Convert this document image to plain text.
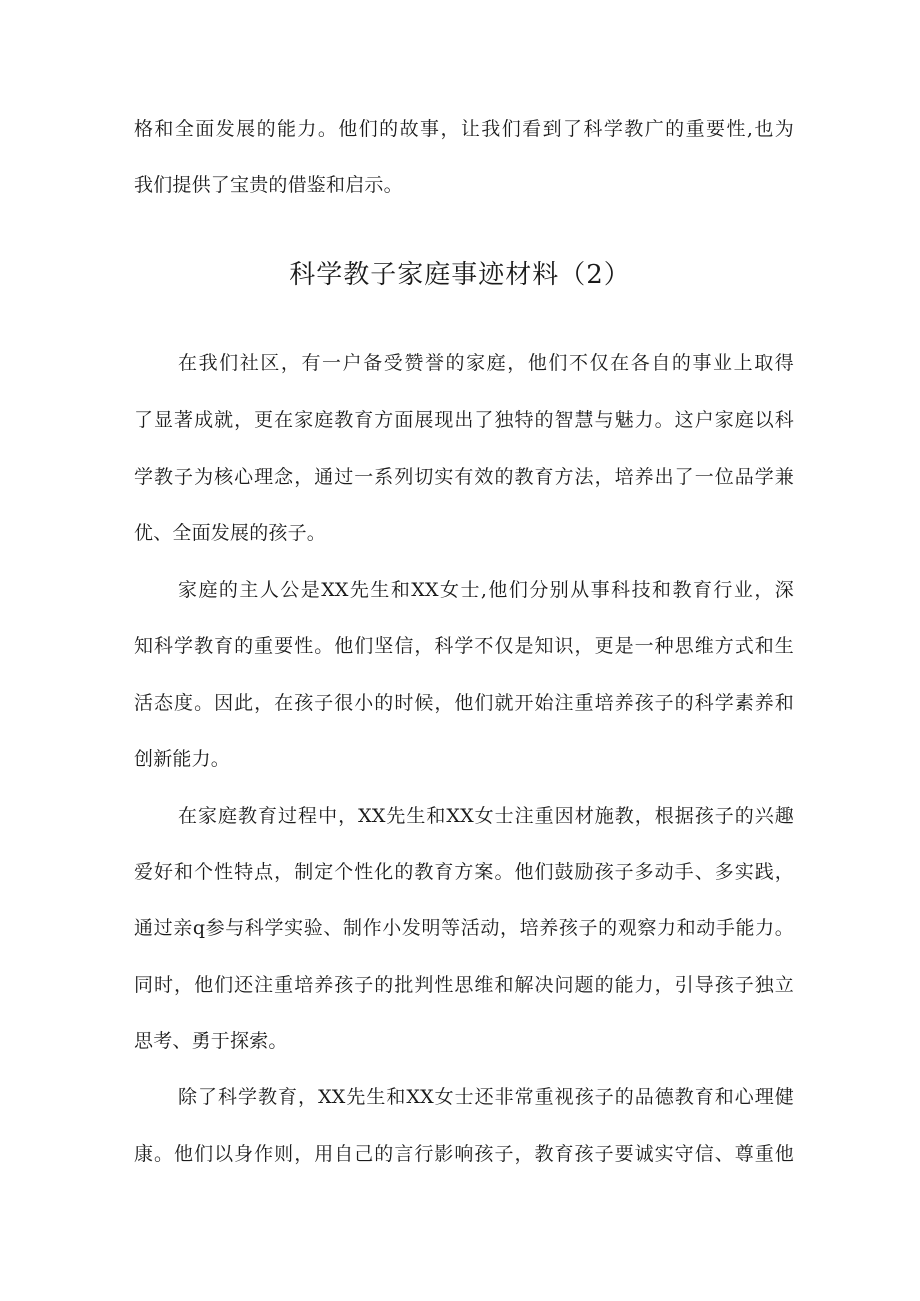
格和全面发展的能力。他们的故事，让我们看到了科学教广的重要性,也为
我们提供了宝贵的借鉴和启示。
科学教子家庭事迹材料（2）
在我们社区，有一户备受赞誉的家庭，他们不仅在各自的事业上取得
了显著成就，更在家庭教育方面展现出了独特的智慧与魅力。这户家庭以科
学教子为核心理念，通过一系列切实有效的教育方法，培养出了一位品学兼
优、全面发展的孩子。
家庭的主人公是XX先生和XX女士,他们分别从事科技和教育行业，深
知科学教育的重要性。他们坚信，科学不仅是知识，更是一种思维方式和生
活态度。因此，在孩子很小的时候，他们就开始注重培养孩子的科学素养和
创新能力。
在家庭教育过程中，XX先生和XX女士注重因材施教，根据孩子的兴趣
爱好和个性特点，制定个性化的教育方案。他们鼓励孩子多动手、多实践，
通过亲q参与科学实验、制作小发明等活动，培养孩子的观察力和动手能力。
同时，他们还注重培养孩子的批判性思维和解决问题的能力，引导孩子独立
思考、勇于探索。
除了科学教育，XX先生和XX女士还非常重视孩子的品德教育和心理健
康。他们以身作则，用自己的言行影响孩子，教育孩子要诚实守信、尊重他
